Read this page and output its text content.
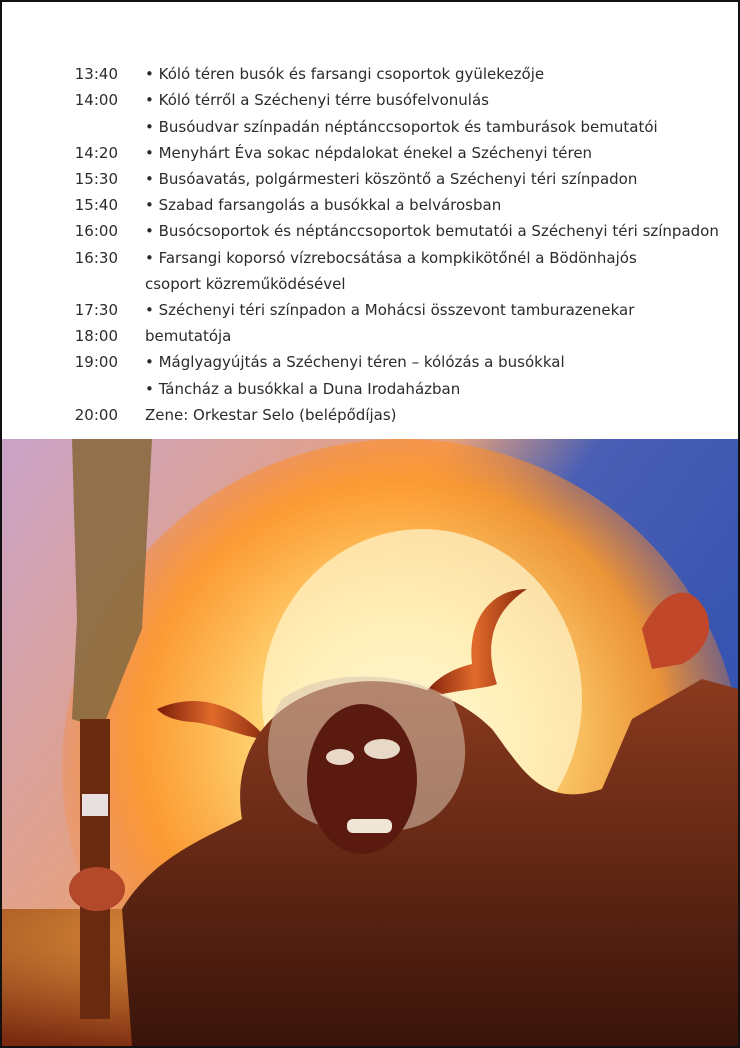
13:40 • Kóló téren busók és farsangi csoportok gyülekezője
14:00 • Kóló térről a Széchenyi térre busófelvonulás
• Busóudvar színpadán néptánccsoportok és tamburások bemutatói
14:20 • Menyhárt Éva sokac népdalokat énekel a Széchenyi téren
15:30 • Busóavatás, polgármesteri köszöntő a Széchenyi téri színpadon
15:40 • Szabad farsangolás a busókkal a belvárosban
16:00 • Busócsoportok és néptánccsoportok bemutatói a Széchenyi téri színpadon
16:30 • Farsangi koporsó vízrebocsátása a kompkikötőnél a Bödönhajós
csoport közreműködésével
17:30 • Széchenyi téri színpadon a Mohácsi összevont tamburazenekar
18:00 bemutatója
19:00 • Máglyagyújtás a Széchenyi téren – kólózás a busókkal
• Táncház a busókkal a Duna Irodaházban
20:00 Zene: Orkestar Selo (belépődíjas)
